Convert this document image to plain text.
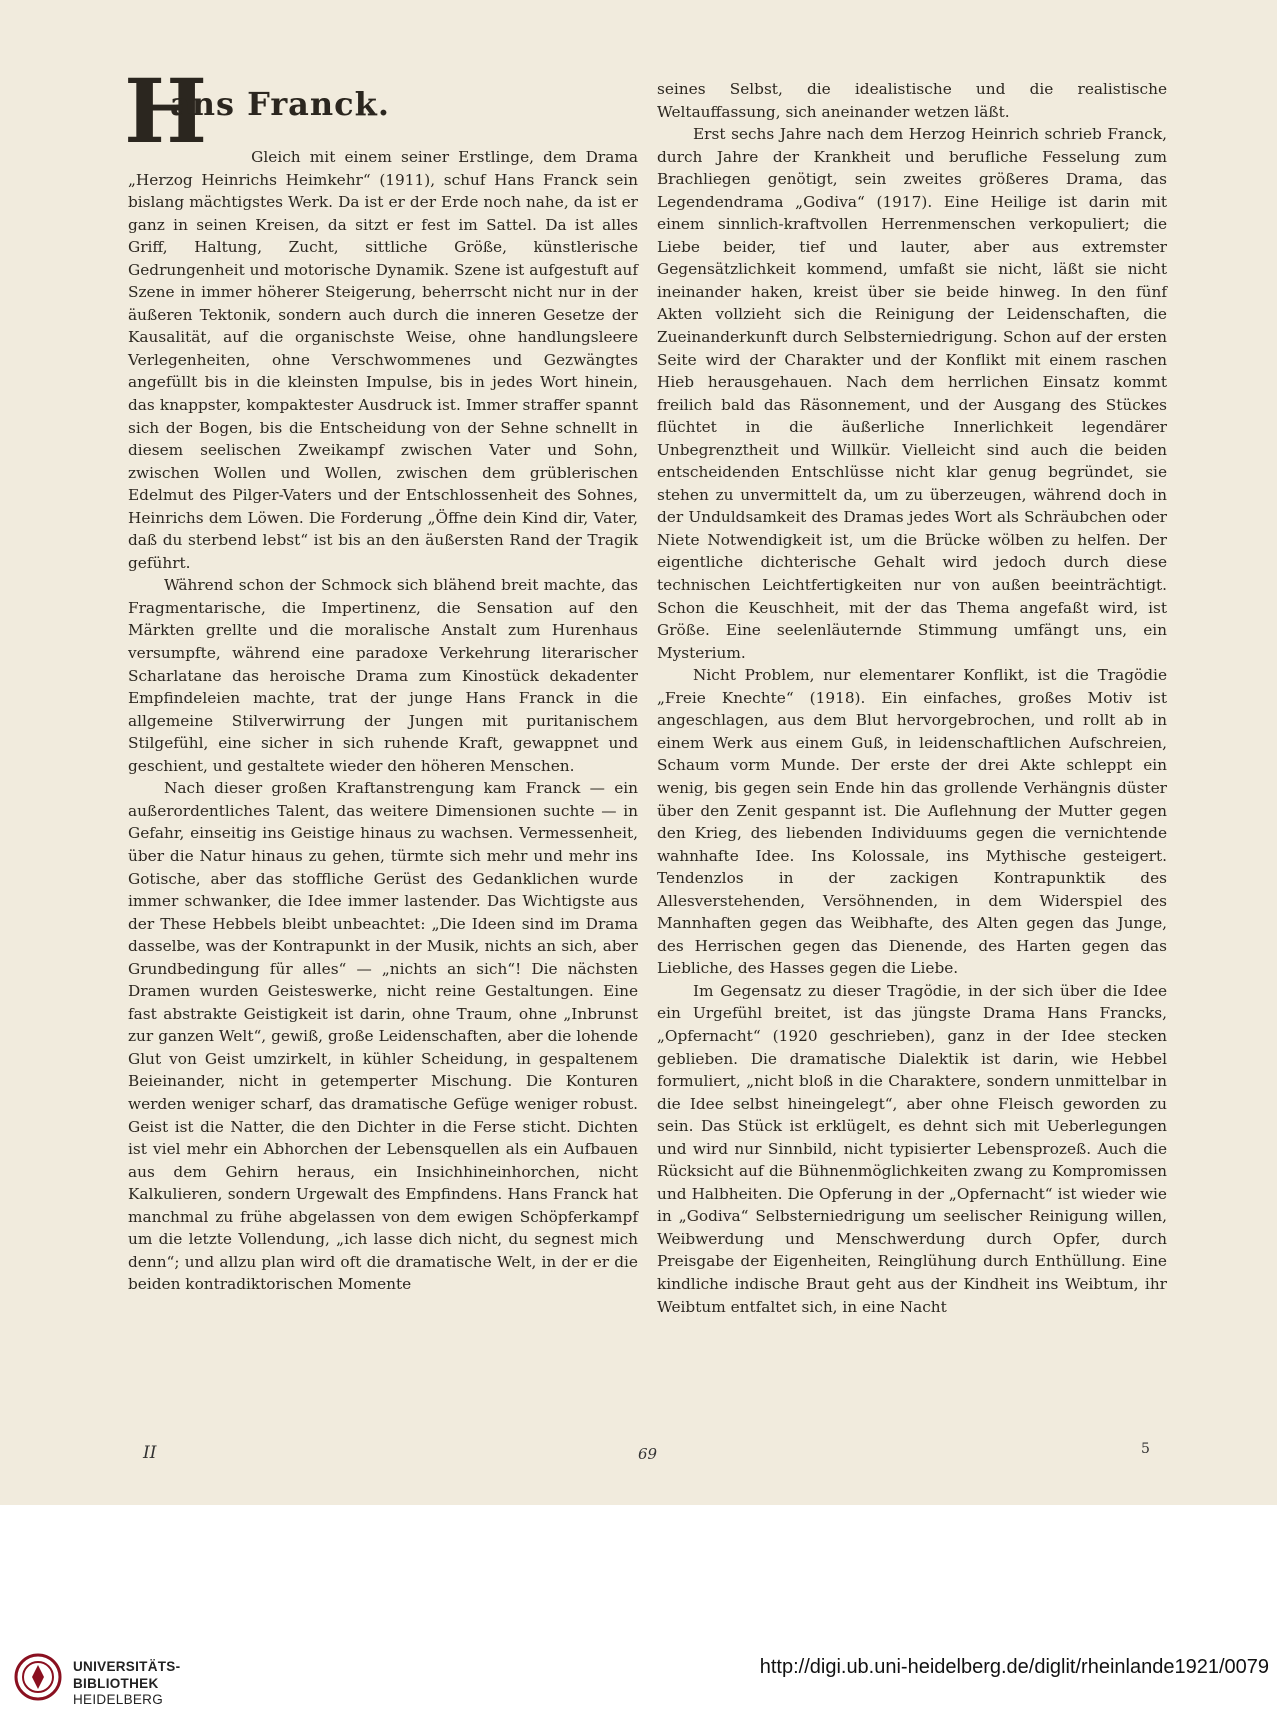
H
ans Franck.

Gleich mit einem seiner Erstlinge, dem Drama „Herzog Heinrichs Heimkehr“ (1911), schuf Hans Franck sein bislang mächtigstes Werk. Da ist er der Erde noch nahe, da ist er ganz in seinen Kreisen, da sitzt er fest im Sattel. Da ist alles Griff, Haltung, Zucht, sittliche Größe, künstlerische Gedrungenheit und motorische Dynamik. Szene ist aufgestuft auf Szene in immer höherer Steigerung, beherrscht nicht nur in der äußeren Tektonik, sondern auch durch die inneren Gesetze der Kausalität, auf die organischste Weise, ohne handlungsleere Verlegenheiten, ohne Verschwommenes und Gezwängtes angefüllt bis in die kleinsten Impulse, bis in jedes Wort hinein, das knappster, kompaktester Ausdruck ist. Immer straffer spannt sich der Bogen, bis die Entscheidung von der Sehne schnellt in diesem seelischen Zweikampf zwischen Vater und Sohn, zwischen Wollen und Wollen, zwischen dem grüblerischen Edelmut des Pilger-Vaters und der Entschlossenheit des Sohnes, Heinrichs dem Löwen. Die Forderung „Öffne dein Kind dir, Vater, daß du sterbend lebst“ ist bis an den äußersten Rand der Tragik geführt.

Während schon der Schmock sich blähend breit machte, das Fragmentarische, die Impertinenz, die Sensation auf den Märkten grellte und die moralische Anstalt zum Hurenhaus versumpfte, während eine paradoxe Verkehrung literarischer Scharlatane das heroische Drama zum Kinostück dekadenter Empfindeleien machte, trat der junge Hans Franck in die allgemeine Stilverwirrung der Jungen mit puritanischem Stilgefühl, eine sicher in sich ruhende Kraft, gewappnet und geschient, und gestaltete wieder den höheren Menschen.

Nach dieser großen Kraftanstrengung kam Franck — ein außerordentliches Talent, das weitere Dimensionen suchte — in Gefahr, einseitig ins Geistige hinaus zu wachsen. Vermessenheit, über die Natur hinaus zu gehen, türmte sich mehr und mehr ins Gotische, aber das stoffliche Gerüst des Gedanklichen wurde immer schwanker, die Idee immer lastender. Das Wichtigste aus der These Hebbels bleibt unbeachtet: „Die Ideen sind im Drama dasselbe, was der Kontrapunkt in der Musik, nichts an sich, aber Grundbedingung für alles“ — „nichts an sich“! Die nächsten Dramen wurden Geisteswerke, nicht reine Gestaltungen. Eine fast abstrakte Geistigkeit ist darin, ohne Traum, ohne „Inbrunst zur ganzen Welt“, gewiß, große Leidenschaften, aber die lohende Glut von Geist umzirkelt, in kühler Scheidung, in gespaltenem Beieinander, nicht in getemperter Mischung. Die Konturen werden weniger scharf, das dramatische Gefüge weniger robust. Geist ist die Natter, die den Dichter in die Ferse sticht. Dichten ist viel mehr ein Abhorchen der Lebensquellen als ein Aufbauen aus dem Gehirn heraus, ein Insichhineinhorchen, nicht Kalkulieren, sondern Urgewalt des Empfindens. Hans Franck hat manchmal zu frühe abgelassen von dem ewigen Schöpferkampf um die letzte Vollendung, „ich lasse dich nicht, du segnest mich denn“; und allzu plan wird oft die dramatische Welt, in der er die beiden kontradiktorischen Momente

seines Selbst, die idealistische und die realistische Weltauffassung, sich aneinander wetzen läßt.

Erst sechs Jahre nach dem Herzog Heinrich schrieb Franck, durch Jahre der Krankheit und berufliche Fesselung zum Brachliegen genötigt, sein zweites größeres Drama, das Legendendrama „Godiva“ (1917). Eine Heilige ist darin mit einem sinnlich-kraftvollen Herrenmenschen verkopuliert; die Liebe beider, tief und lauter, aber aus extremster Gegensätzlichkeit kommend, umfaßt sie nicht, läßt sie nicht ineinander haken, kreist über sie beide hinweg. In den fünf Akten vollzieht sich die Reinigung der Leidenschaften, die Zueinanderkunft durch Selbsterniedrigung. Schon auf der ersten Seite wird der Charakter und der Konflikt mit einem raschen Hieb herausgehauen. Nach dem herrlichen Einsatz kommt freilich bald das Räsonnement, und der Ausgang des Stückes flüchtet in die äußerliche Innerlichkeit legendärer Unbegrenztheit und Willkür. Vielleicht sind auch die beiden entscheidenden Entschlüsse nicht klar genug begründet, sie stehen zu unvermittelt da, um zu überzeugen, während doch in der Unduldsamkeit des Dramas jedes Wort als Schräubchen oder Niete Notwendigkeit ist, um die Brücke wölben zu helfen. Der eigentliche dichterische Gehalt wird jedoch durch diese technischen Leichtfertigkeiten nur von außen beeinträchtigt. Schon die Keuschheit, mit der das Thema angefaßt wird, ist Größe. Eine seelenläuternde Stimmung umfängt uns, ein Mysterium.

Nicht Problem, nur elementarer Konflikt, ist die Tragödie „Freie Knechte“ (1918). Ein einfaches, großes Motiv ist angeschlagen, aus dem Blut hervorgebrochen, und rollt ab in einem Werk aus einem Guß, in leidenschaftlichen Aufschreien, Schaum vorm Munde. Der erste der drei Akte schleppt ein wenig, bis gegen sein Ende hin das grollende Verhängnis düster über den Zenit gespannt ist. Die Auflehnung der Mutter gegen den Krieg, des liebenden Individuums gegen die vernichtende wahnhafte Idee. Ins Kolossale, ins Mythische gesteigert. Tendenzlos in der zackigen Kontrapunktik des Allesverstehenden, Versöhnenden, in dem Widerspiel des Mannhaften gegen das Weibhafte, des Alten gegen das Junge, des Herrischen gegen das Dienende, des Harten gegen das Liebliche, des Hasses gegen die Liebe.

Im Gegensatz zu dieser Tragödie, in der sich über die Idee ein Urgefühl breitet, ist das jüngste Drama Hans Francks, „Opfernacht“ (1920 geschrieben), ganz in der Idee stecken geblieben. Die dramatische Dialektik ist darin, wie Hebbel formuliert, „nicht bloß in die Charaktere, sondern unmittelbar in die Idee selbst hineingelegt“, aber ohne Fleisch geworden zu sein. Das Stück ist erklügelt, es dehnt sich mit Ueberlegungen und wird nur Sinnbild, nicht typisierter Lebensprozeß. Auch die Rücksicht auf die Bühnenmöglichkeiten zwang zu Kompromissen und Halbheiten. Die Opferung in der „Opfernacht“ ist wieder wie in „Godiva“ Selbsterniedrigung um seelischer Reinigung willen, Weibwerdung und Menschwerdung durch Opfer, durch Preisgabe der Eigenheiten, Reinglühung durch Enthüllung. Eine kindliche indische Braut geht aus der Kindheit ins Weibtum, ihr Weibtum entfaltet sich, in eine Nacht

II	69	5
UNIVERSITÄTS-
BIBLIOTHEK
HEIDELBERG
http://digi.ub.uni-heidelberg.de/diglit/rheinlande1921/0079
